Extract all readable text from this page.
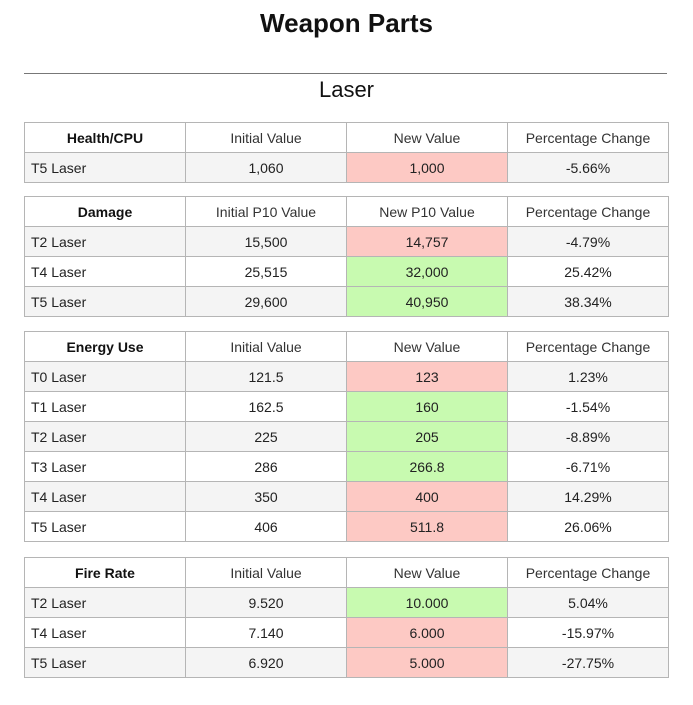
Weapon Parts
Laser
Health/CPU	Initial Value	New Value	Percentage Change
T5 Laser	1,060	1,000	-5.66%
Damage	Initial P10 Value	New P10 Value	Percentage Change
T2 Laser	15,500	14,757	-4.79%
T4 Laser	25,515	32,000	25.42%
T5 Laser	29,600	40,950	38.34%
Energy Use	Initial Value	New Value	Percentage Change
T0 Laser	121.5	123	1.23%
T1 Laser	162.5	160	-1.54%
T2 Laser	225	205	-8.89%
T3 Laser	286	266.8	-6.71%
T4 Laser	350	400	14.29%
T5 Laser	406	511.8	26.06%
Fire Rate	Initial Value	New Value	Percentage Change
T2 Laser	9.520	10.000	5.04%
T4 Laser	7.140	6.000	-15.97%
T5 Laser	6.920	5.000	-27.75%
